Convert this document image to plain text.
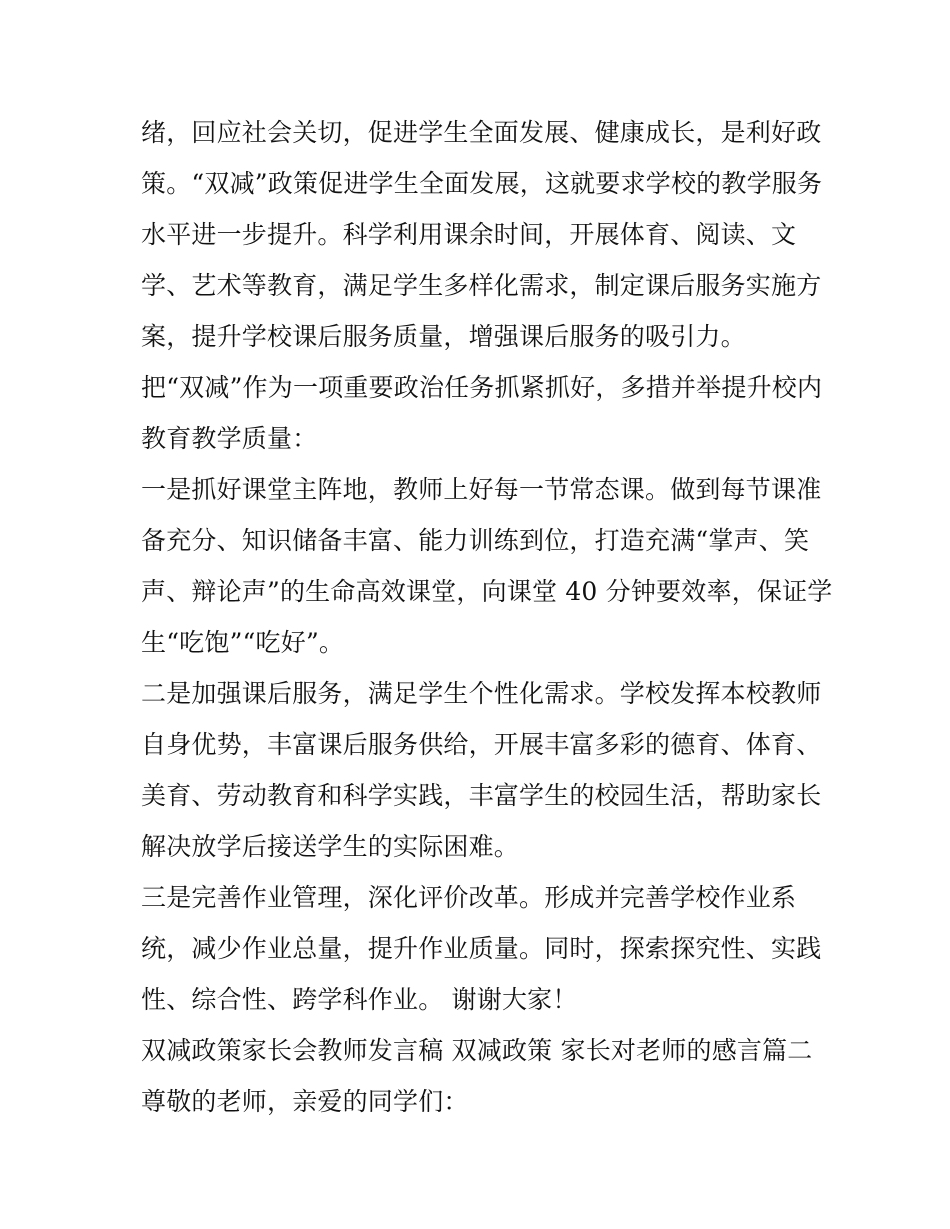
绪，回应社会关切，促进学生全面发展、健康成长，是利好政

策。“双减”政策促进学生全面发展，这就要求学校的教学服务

水平进一步提升。科学利用课余时间，开展体育、阅读、文

学、艺术等教育，满足学生多样化需求，制定课后服务实施方

案，提升学校课后服务质量，增强课后服务的吸引力。

把“双减”作为一项重要政治任务抓紧抓好，多措并举提升校内

教育教学质量：

一是抓好课堂主阵地，教师上好每一节常态课。做到每节课准

备充分、知识储备丰富、能力训练到位，打造充满“掌声、笑

声、辩论声”的生命高效课堂，向课堂 40 分钟要效率，保证学

生“吃饱”“吃好”。

二是加强课后服务，满足学生个性化需求。学校发挥本校教师

自身优势，丰富课后服务供给，开展丰富多彩的德育、体育、

美育、劳动教育和科学实践，丰富学生的校园生活，帮助家长

解决放学后接送学生的实际困难。

三是完善作业管理，深化评价改革。形成并完善学校作业系

统，减少作业总量，提升作业质量。同时，探索探究性、实践

性、综合性、跨学科作业。 谢谢大家！

双减政策家长会教师发言稿 双减政策 家长对老师的感言篇二

尊敬的老师，亲爱的同学们：
